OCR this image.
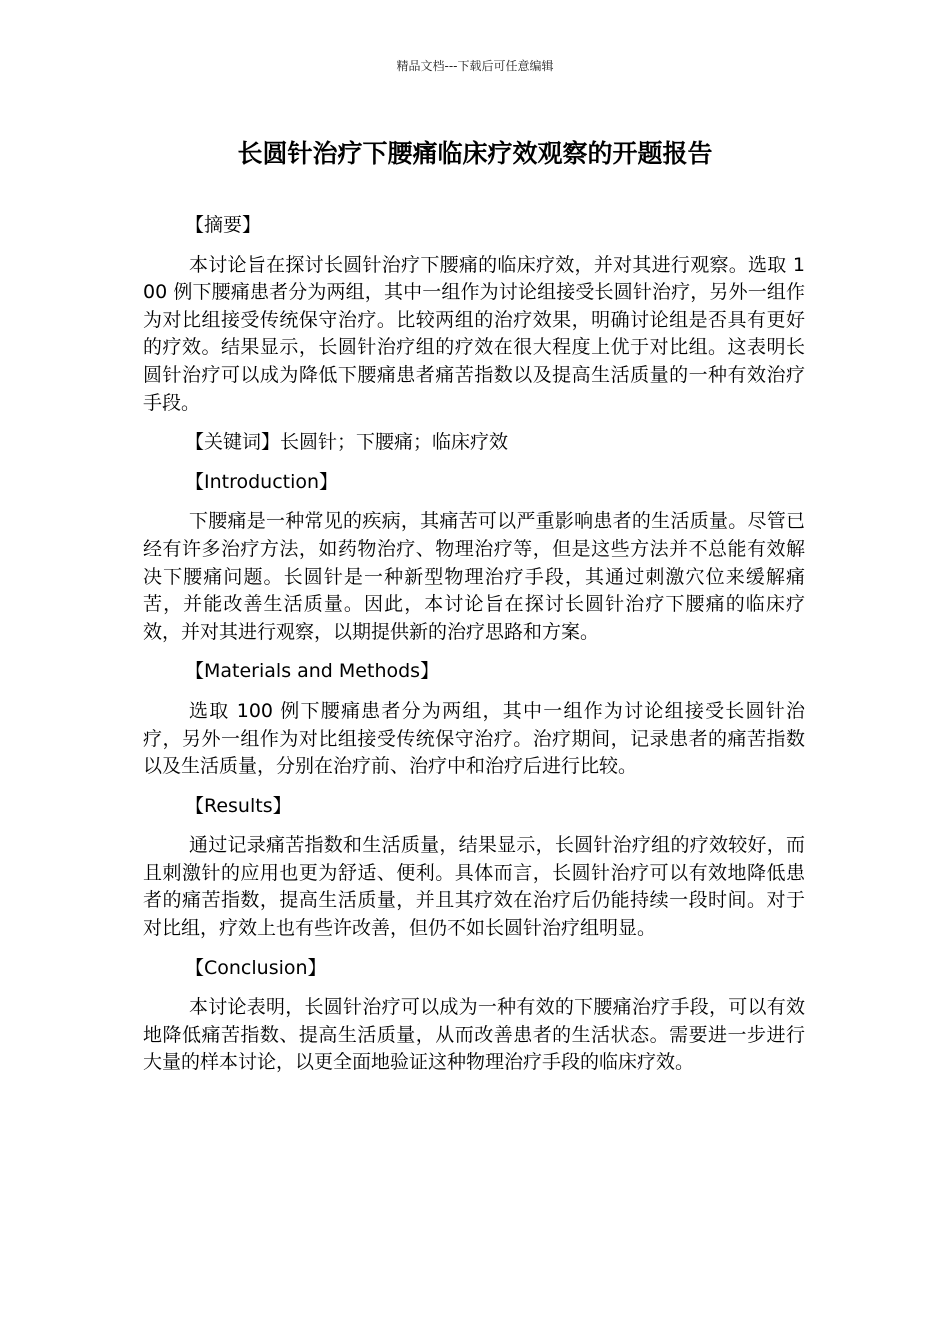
精品文档---下载后可任意编辑
长圆针治疗下腰痛临床疗效观察的开题报告
【摘要】

本讨论旨在探讨长圆针治疗下腰痛的临床疗效，并对其进行观察。选取 100 例下腰痛患者分为两组，其中一组作为讨论组接受长圆针治疗，另外一组作为对比组接受传统保守治疗。比较两组的治疗效果，明确讨论组是否具有更好的疗效。结果显示，长圆针治疗组的疗效在很大程度上优于对比组。这表明长圆针治疗可以成为降低下腰痛患者痛苦指数以及提高生活质量的一种有效治疗手段。

【关键词】长圆针；下腰痛；临床疗效
【Introduction】

下腰痛是一种常见的疾病，其痛苦可以严重影响患者的生活质量。尽管已经有许多治疗方法，如药物治疗、物理治疗等，但是这些方法并不总能有效解决下腰痛问题。长圆针是一种新型物理治疗手段，其通过刺激穴位来缓解痛苦，并能改善生活质量。因此，本讨论旨在探讨长圆针治疗下腰痛的临床疗效，并对其进行观察，以期提供新的治疗思路和方案。

【Materials and Methods】

选取 100 例下腰痛患者分为两组，其中一组作为讨论组接受长圆针治疗，另外一组作为对比组接受传统保守治疗。治疗期间，记录患者的痛苦指数以及生活质量，分别在治疗前、治疗中和治疗后进行比较。

【Results】

通过记录痛苦指数和生活质量，结果显示，长圆针治疗组的疗效较好，而且刺激针的应用也更为舒适、便利。具体而言，长圆针治疗可以有效地降低患者的痛苦指数，提高生活质量，并且其疗效在治疗后仍能持续一段时间。对于对比组，疗效上也有些许改善，但仍不如长圆针治疗组明显。

【Conclusion】

本讨论表明，长圆针治疗可以成为一种有效的下腰痛治疗手段，可以有效地降低痛苦指数、提高生活质量，从而改善患者的生活状态。需要进一步进行大量的样本讨论，以更全面地验证这种物理治疗手段的临床疗效。
